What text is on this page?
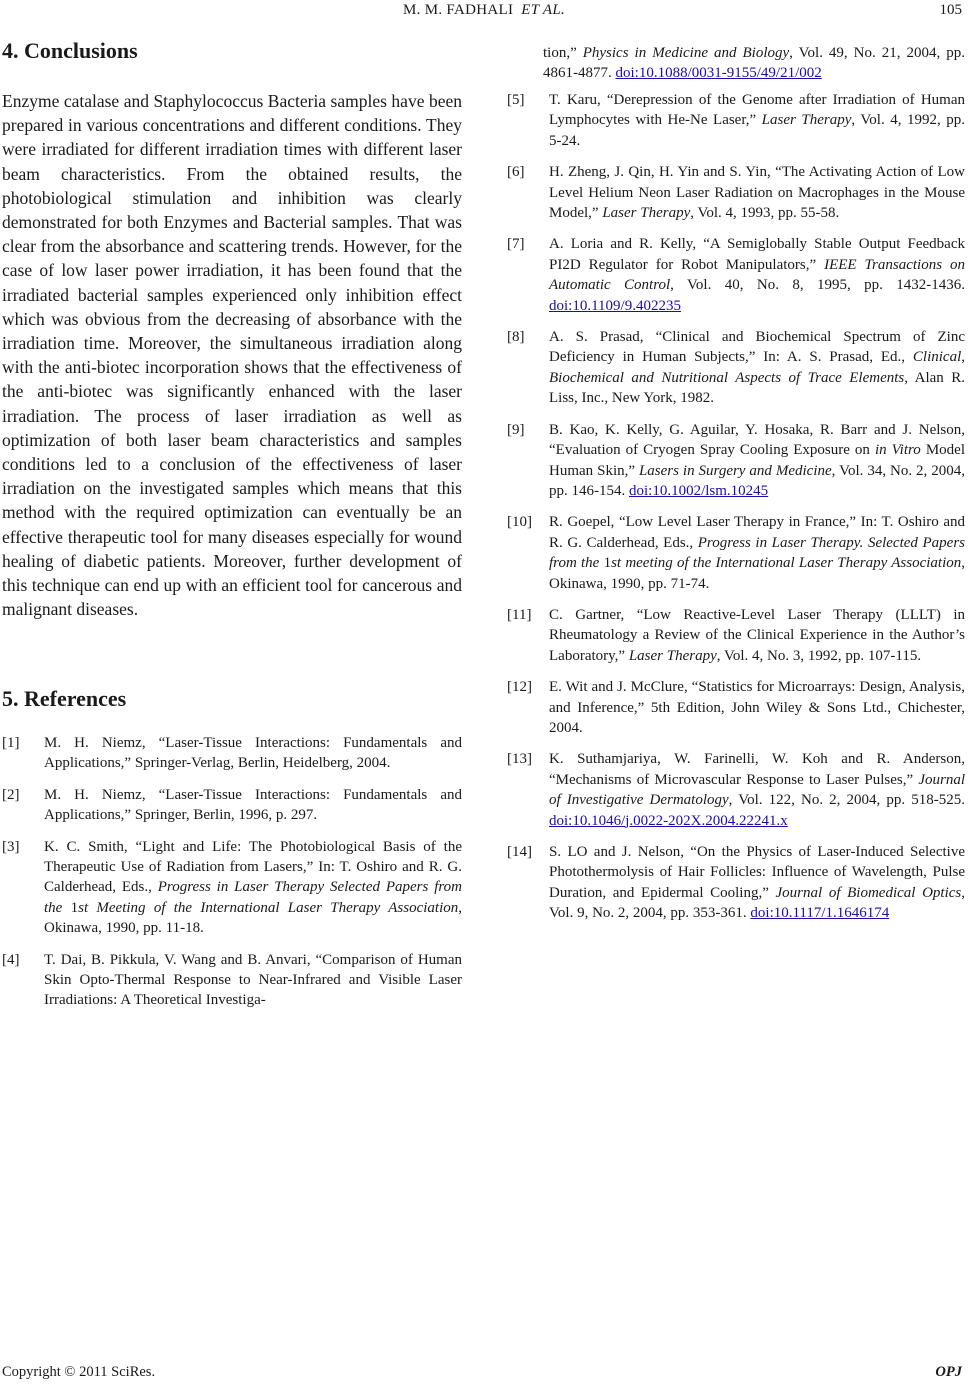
M. M. FADHALI ET AL.	105
4. Conclusions

Enzyme catalase and Staphylococcus Bacteria samples have been prepared in various concentrations and different conditions. They were irradiated for different irradiation times with different laser beam characteristics. From the obtained results, the photobiological stimulation and inhibition was clearly demonstrated for both Enzymes and Bacterial samples. That was clear from the absorbance and scattering trends. However, for the case of low laser power irradiation, it has been found that the irradiated bacterial samples experienced only inhibition effect which was obvious from the decreasing of absorbance with the irradiation time. Moreover, the simultaneous irradiation along with the anti-biotec incorporation shows that the effectiveness of the anti-biotec was significantly enhanced with the laser irradiation. The process of laser irradiation as well as optimization of both laser beam characteristics and samples conditions led to a conclusion of the effectiveness of laser irradiation on the investigated samples which means that this method with the required optimization can eventually be an effective therapeutic tool for many diseases especially for wound healing of diabetic patients. Moreover, further development of this technique can end up with an efficient tool for cancerous and malignant diseases.

5. References
[1] M. H. Niemz, “Laser-Tissue Interactions: Fundamentals and Applications,” Springer-Verlag, Berlin, Heidelberg, 2004.
[2] M. H. Niemz, “Laser-Tissue Interactions: Fundamentals and Applications,” Springer, Berlin, 1996, p. 297.
[3] K. C. Smith, “Light and Life: The Photobiological Basis of the Therapeutic Use of Radiation from Lasers,” In: T. Oshiro and R. G. Calderhead, Eds., Progress in Laser Therapy Selected Papers from the 1st Meeting of the International Laser Therapy Association, Okinawa, 1990, pp. 11-18.
[4] T. Dai, B. Pikkula, V. Wang and B. Anvari, “Comparison of Human Skin Opto-Thermal Response to Near-Infrared and Visible Laser Irradiations: A Theoretical Investiga-
tion,” Physics in Medicine and Biology, Vol. 49, No. 21, 2004, pp. 4861-4877. doi:10.1088/0031-9155/49/21/002
[5] T. Karu, “Derepression of the Genome after Irradiation of Human Lymphocytes with He-Ne Laser,” Laser Therapy, Vol. 4, 1992, pp. 5-24.
[6] H. Zheng, J. Qin, H. Yin and S. Yin, “The Activating Action of Low Level Helium Neon Laser Radiation on Macrophages in the Mouse Model,” Laser Therapy, Vol. 4, 1993, pp. 55-58.
[7] A. Loria and R. Kelly, “A Semiglobally Stable Output Feedback PI2D Regulator for Robot Manipulators,” IEEE Transactions on Automatic Control, Vol. 40, No. 8, 1995, pp. 1432-1436. doi:10.1109/9.402235
[8] A. S. Prasad, “Clinical and Biochemical Spectrum of Zinc Deficiency in Human Subjects,” In: A. S. Prasad, Ed., Clinical, Biochemical and Nutritional Aspects of Trace Elements, Alan R. Liss, Inc., New York, 1982.
[9] B. Kao, K. Kelly, G. Aguilar, Y. Hosaka, R. Barr and J. Nelson, “Evaluation of Cryogen Spray Cooling Exposure on in Vitro Model Human Skin,” Lasers in Surgery and Medicine, Vol. 34, No. 2, 2004, pp. 146-154. doi:10.1002/lsm.10245
[10] R. Goepel, “Low Level Laser Therapy in France,” In: T. Oshiro and R. G. Calderhead, Eds., Progress in Laser Therapy. Selected Papers from the 1st meeting of the International Laser Therapy Association, Okinawa, 1990, pp. 71-74.
[11] C. Gartner, “Low Reactive-Level Laser Therapy (LLLT) in Rheumatology a Review of the Clinical Experience in the Author’s Laboratory,” Laser Therapy, Vol. 4, No. 3, 1992, pp. 107-115.
[12] E. Wit and J. McClure, “Statistics for Microarrays: Design, Analysis, and Inference,” 5th Edition, John Wiley & Sons Ltd., Chichester, 2004.
[13] K. Suthamjariya, W. Farinelli, W. Koh and R. Anderson, “Mechanisms of Microvascular Response to Laser Pulses,” Journal of Investigative Dermatology, Vol. 122, No. 2, 2004, pp. 518-525. doi:10.1046/j.0022-202X.2004.22241.x
[14] S. LO and J. Nelson, “On the Physics of Laser-Induced Selective Photothermolysis of Hair Follicles: Influence of Wavelength, Pulse Duration, and Epidermal Cooling,” Journal of Biomedical Optics, Vol. 9, No. 2, 2004, pp. 353-361. doi:10.1117/1.1646174
Copyright © 2011 SciRes.	OPJ
